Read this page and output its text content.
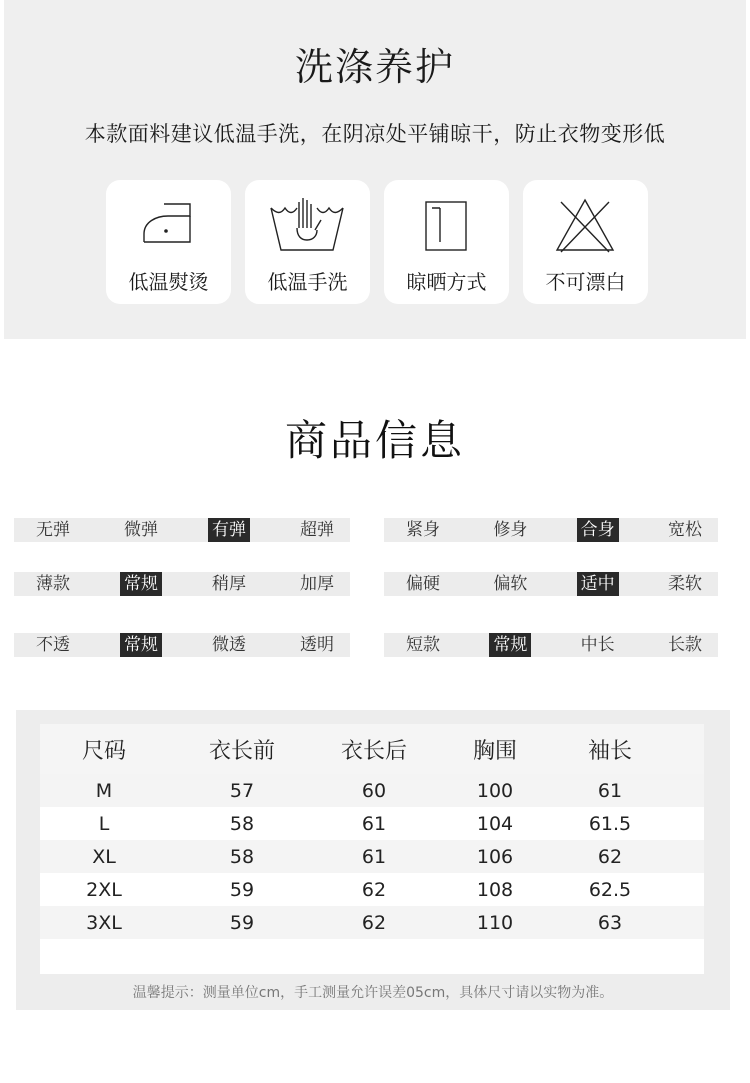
洗涤养护

本款面料建议低温手洗，在阴凉处平铺晾干，防止衣物变形低

低温熨烫	低温手洗	晾晒方式	不可漂白
商品信息
无弹	微弹	有弹	超弹	紧身	修身	合身	宽松
薄款	常规	稍厚	加厚	偏硬	偏软	适中	柔软
不透	常规	微透	透明	短款	常规	中长	长款
尺码	衣长前	衣长后	胸围	袖长
M	57	60	100	61
L	58	61	104	61.5
XL	58	61	106	62
2XL	59	62	108	62.5
3XL	59	62	110	63

温馨提示：测量单位cm，手工测量允许误差05cm，具体尺寸请以实物为准。
